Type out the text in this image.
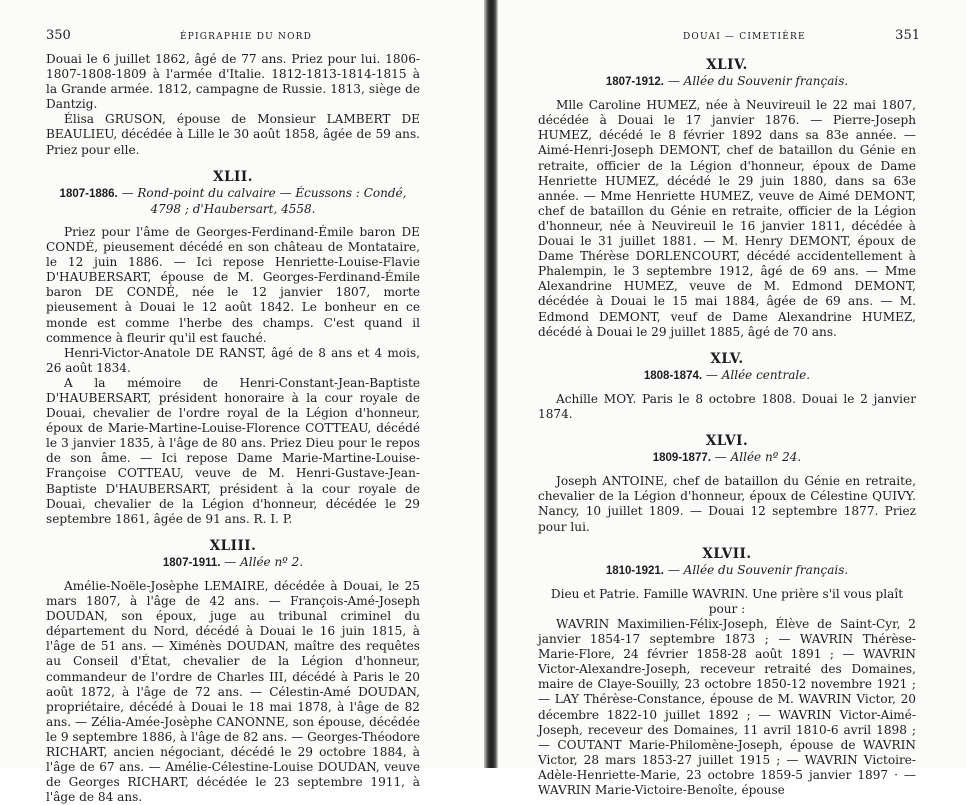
350	ÉPIGRAPHIE DU NORD

Douai le 6 juillet 1862, âgé de 77 ans. Priez pour lui. 1806-1807-1808-1809 à l'armée d'Italie. 1812-1813-1814-1815 à la Grande armée. 1812, campagne de Russie. 1813, siège de Dantzig.

Élisa GRUSON, épouse de Monsieur LAMBERT DE BEAULIEU, décédée à Lille le 30 août 1858, âgée de 59 ans. Priez pour elle.

XLII.
1807-1886. — Rond-point du calvaire — Écussons : Condé, 4798 ; d'Haubersart, 4558.

Priez pour l'âme de Georges-Ferdinand-Émile baron DE CONDÉ, pieusement décédé en son château de Montataire, le 12 juin 1886. — Ici repose Henriette-Louise-Flavie D'HAUBERSART, épouse de M. Georges-Ferdinand-Émile baron DE CONDÉ, née le 12 janvier 1807, morte pieusement à Douai le 12 août 1842. Le bonheur en ce monde est comme l'herbe des champs. C'est quand il commence à fleurir qu'il est fauché.

Henri-Victor-Anatole DE RANST, âgé de 8 ans et 4 mois, 26 août 1834.

A la mémoire de Henri-Constant-Jean-Baptiste D'HAUBERSART, président honoraire à la cour royale de Douai, chevalier de l'ordre royal de la Légion d'honneur, époux de Marie-Martine-Louise-Florence COTTEAU, décédé le 3 janvier 1835, à l'âge de 80 ans. Priez Dieu pour le repos de son âme. — Ici repose Dame Marie-Martine-Louise-Françoise COTTEAU, veuve de M. Henri-Gustave-Jean-Baptiste D'HAUBERSART, président à la cour royale de Douai, chevalier de la Légion d'honneur, décédée le 29 septembre 1861, âgée de 91 ans. R. I. P.

XLIII.
1807-1911. — Allée nº 2.

Amélie-Noële-Josèphe LEMAIRE, décédée à Douai, le 25 mars 1807, à l'âge de 42 ans. — François-Amé-Joseph DOUDAN, son époux, juge au tribunal criminel du département du Nord, décédé à Douai le 16 juin 1815, à l'âge de 51 ans. — Ximénès DOUDAN, maître des requêtes au Conseil d'État, chevalier de la Légion d'honneur, commandeur de l'ordre de Charles III, décédé à Paris le 20 août 1872, à l'âge de 72 ans. — Célestin-Amé DOUDAN, propriétaire, décédé à Douai le 18 mai 1878, à l'âge de 82 ans. — Zélia-Amée-Josèphe CANONNE, son épouse, décédée le 9 septembre 1886, à l'âge de 82 ans. — Georges-Théodore RICHART, ancien négociant, décédé le 29 octobre 1884, à l'âge de 67 ans. — Amélie-Célestine-Louise DOUDAN, veuve de Georges RICHART, décédée le 23 septembre 1911, à l'âge de 84 ans.

DOUAI — CIMETIÈRE	351
XLIV.
1807-1912. — Allée du Souvenir français.

Mlle Caroline HUMEZ, née à Neuvireuil le 22 mai 1807, décédée à Douai le 17 janvier 1876. — Pierre-Joseph HUMEZ, décédé le 8 février 1892 dans sa 83e année. — Aimé-Henri-Joseph DEMONT, chef de bataillon du Génie en retraite, officier de la Légion d'honneur, époux de Dame Henriette HUMEZ, décédé le 29 juin 1880, dans sa 63e année. — Mme Henriette HUMEZ, veuve de Aimé DEMONT, chef de bataillon du Génie en retraite, officier de la Légion d'honneur, née à Neuvireuil le 16 janvier 1811, décédée à Douai le 31 juillet 1881. — M. Henry DEMONT, époux de Dame Thérèse DORLENCOURT, décédé accidentellement à Phalempin, le 3 septembre 1912, âgé de 69 ans. — Mme Alexandrine HUMEZ, veuve de M. Edmond DEMONT, décédée à Douai le 15 mai 1884, âgée de 69 ans. — M. Edmond DEMONT, veuf de Dame Alexandrine HUMEZ, décédé à Douai le 29 juillet 1885, âgé de 70 ans.

XLV.
1808-1874. — Allée centrale.

Achille MOY. Paris le 8 octobre 1808. Douai le 2 janvier 1874.

XLVI.
1809-1877. — Allée nº 24.

Joseph ANTOINE, chef de bataillon du Génie en retraite, chevalier de la Légion d'honneur, époux de Célestine QUIVY. Nancy, 10 juillet 1809. — Douai 12 septembre 1877. Priez pour lui.

XLVII.
1810-1921. — Allée du Souvenir français.

Dieu et Patrie. Famille WAVRIN. Une prière s'il vous plaît pour :

WAVRIN Maximilien-Félix-Joseph, Élève de Saint-Cyr, 2 janvier 1854-17 septembre 1873 ; — WAVRIN Thérèse-Marie-Flore, 24 février 1858-28 août 1891 ; — WAVRIN Victor-Alexandre-Joseph, receveur retraité des Domaines, maire de Claye-Souilly, 23 octobre 1850-12 novembre 1921 ; — LAY Thérèse-Constance, épouse de M. WAVRIN Victor, 20 décembre 1822-10 juillet 1892 ; — WAVRIN Victor-Aimé-Joseph, receveur des Domaines, 11 avril 1810-6 avril 1898 ; — COUTANT Marie-Philomène-Joseph, épouse de WAVRIN Victor, 28 mars 1853-27 juillet 1915 ; — WAVRIN Victoire-Adèle-Henriette-Marie, 23 octobre 1859-5 janvier 1897 · — WAVRIN Marie-Victoire-Benoîte, épouse
